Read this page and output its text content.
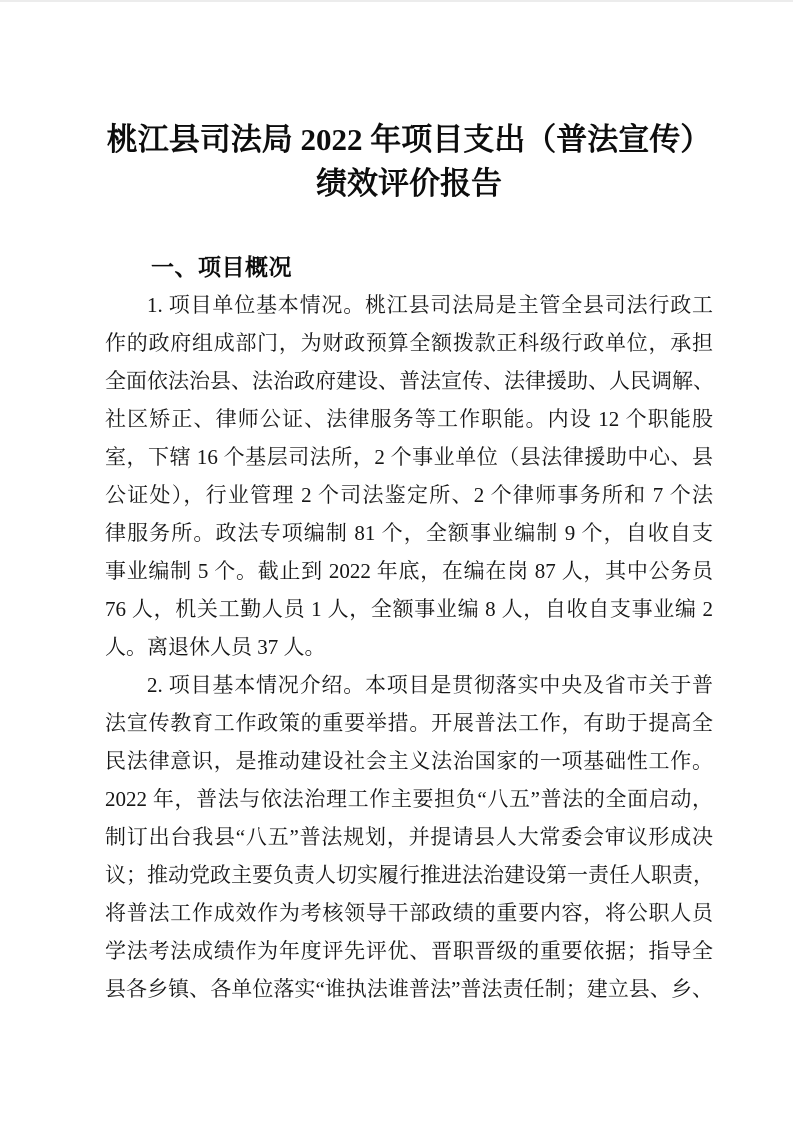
桃江县司法局 2022 年项目支出（普法宣传）
绩效评价报告
一、项目概况
1. 项目单位基本情况。桃江县司法局是主管全县司法行政工
作的政府组成部门，为财政预算全额拨款正科级行政单位，承担
全面依法治县、法治政府建设、普法宣传、法律援助、人民调解、
社区矫正、律师公证、法律服务等工作职能。内设 12 个职能股
室，下辖 16 个基层司法所，2 个事业单位（县法律援助中心、县
公证处），行业管理 2 个司法鉴定所、2 个律师事务所和 7 个法
律服务所。政法专项编制 81 个，全额事业编制 9 个，自收自支
事业编制 5 个。截止到 2022 年底，在编在岗 87 人，其中公务员
76 人，机关工勤人员 1 人，全额事业编 8 人，自收自支事业编 2
人。离退休人员 37 人。
2. 项目基本情况介绍。本项目是贯彻落实中央及省市关于普
法宣传教育工作政策的重要举措。开展普法工作，有助于提高全
民法律意识，是推动建设社会主义法治国家的一项基础性工作。
2022 年，普法与依法治理工作主要担负“八五”普法的全面启动，
制订出台我县“八五”普法规划，并提请县人大常委会审议形成决
议；推动党政主要负责人切实履行推进法治建设第一责任人职责，
将普法工作成效作为考核领导干部政绩的重要内容，将公职人员
学法考法成绩作为年度评先评优、晋职晋级的重要依据；指导全
县各乡镇、各单位落实“谁执法谁普法”普法责任制；建立县、乡、
